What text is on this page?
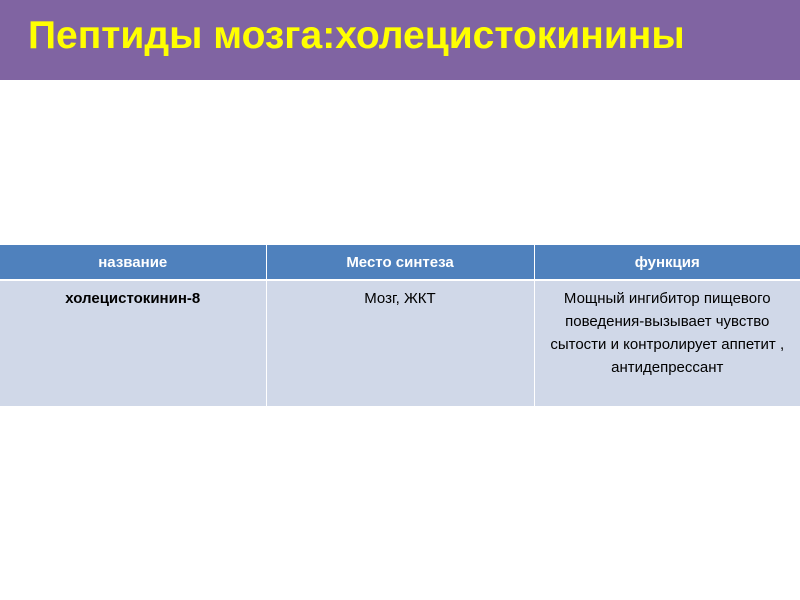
Пептиды мозга:холецистокинины
название	Место синтеза	функция
холецистокинин-8	Мозг, ЖКТ	Мощный ингибитор пищевого поведения-вызывает чувство сытости и контролирует аппетит , антидепрессант
